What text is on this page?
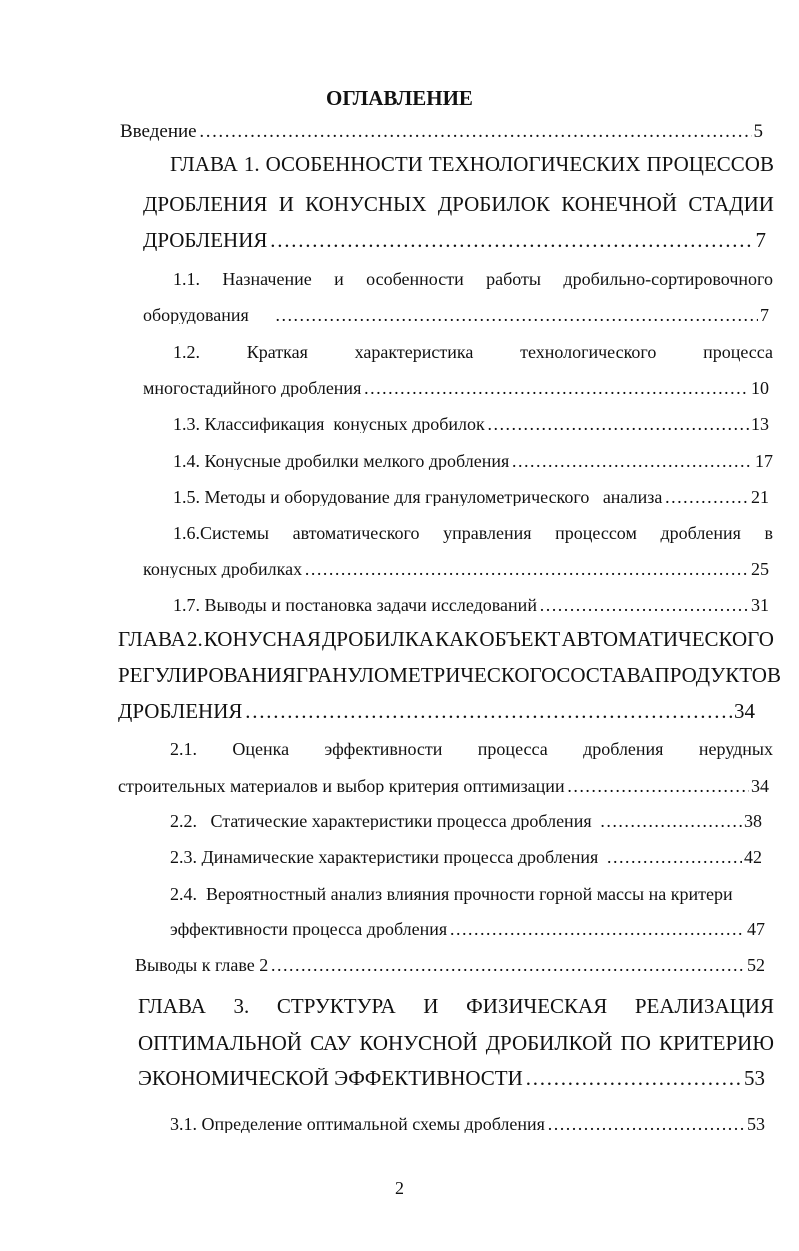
ОГЛАВЛЕНИЕ
Введение ………………………………………………………………………………………………………………………………………………………………………………………………	5
ГЛАВА 1. ОСОБЕННОСТИ ТЕХНОЛОГИЧЕСКИХ ПРОЦЕССОВ
ДРОБЛЕНИЯ И КОНУСНЫХ ДРОБИЛОК КОНЕЧНОЙ СТАДИИ
ДРОБЛЕНИЯ ………………………………………………………………………………………………………………………………………………………………………………………………	7
1.1. Назначение и особенности работы дробильно-сортировочного
оборудования ………………………………………………………………………………………………………………………………………………………………………………………………	7
1.2.	Краткая	характеристика	технологического	процесса
многостадийного дробления ………………………………………………………………………………………………………………………………………………………………………………………………	10
1.3. Классификация  конусных дробилок ………………………………………………………………………………………………………………………………………………………………………………………………	13
1.4. Конусные дробилки мелкого дробления ………………………………………………………………………………………………………………………………………………………………………………………………	17
1.5. Методы и оборудование для гранулометрического   анализа ………………………………………………………………………………………………………………………………………………………………………………………………	21
1.6.Системы автоматического управления процессом дробления в
конусных дробилках ………………………………………………………………………………………………………………………………………………………………………………………………	25
1.7. Выводы и постановка задачи исследований ………………………………………………………………………………………………………………………………………………………………………………………………	31
ГЛАВА 2. КОНУСНАЯ ДРОБИЛКА КАК ОБЪЕКТ АВТОМАТИЧЕСКОГО
РЕГУЛИРОВАНИЯ ГРАНУЛОМЕТРИЧЕСКОГО СОСТАВА ПРОДУКТОВ
ДРОБЛЕНИЯ ………………………………………………………………………………………………………………………………………………………………………………………………	34
2.1. Оценка эффективности процесса дробления нерудных
строительных материалов и выбор критерия оптимизации ………………………………………………………………………………………………………………………………………………………………………………………………	34
2.2.   Статические характеристики процесса дробления ………………………………………………………………………………………………………………………………………………………………………………………………	38
2.3. Динамические характеристики процесса дробления ………………………………………………………………………………………………………………………………………………………………………………………………	42
2.4.  Вероятностный анализ влияния прочности горной массы на критери
эффективности процесса дробления ………………………………………………………………………………………………………………………………………………………………………………………………	47
Выводы к главе 2 ………………………………………………………………………………………………………………………………………………………………………………………………	52
ГЛАВА 3. СТРУКТУРА И ФИЗИЧЕСКАЯ РЕАЛИЗАЦИЯ
ОПТИМАЛЬНОЙ САУ КОНУСНОЙ ДРОБИЛКОЙ ПО КРИТЕРИЮ
ЭКОНОМИЧЕСКОЙ ЭФФЕКТИВНОСТИ ………………………………………………………………………………………………………………………………………………………………………………………………	53
3.1. Определение оптимальной схемы дробления ………………………………………………………………………………………………………………………………………………………………………………………………	53
2
